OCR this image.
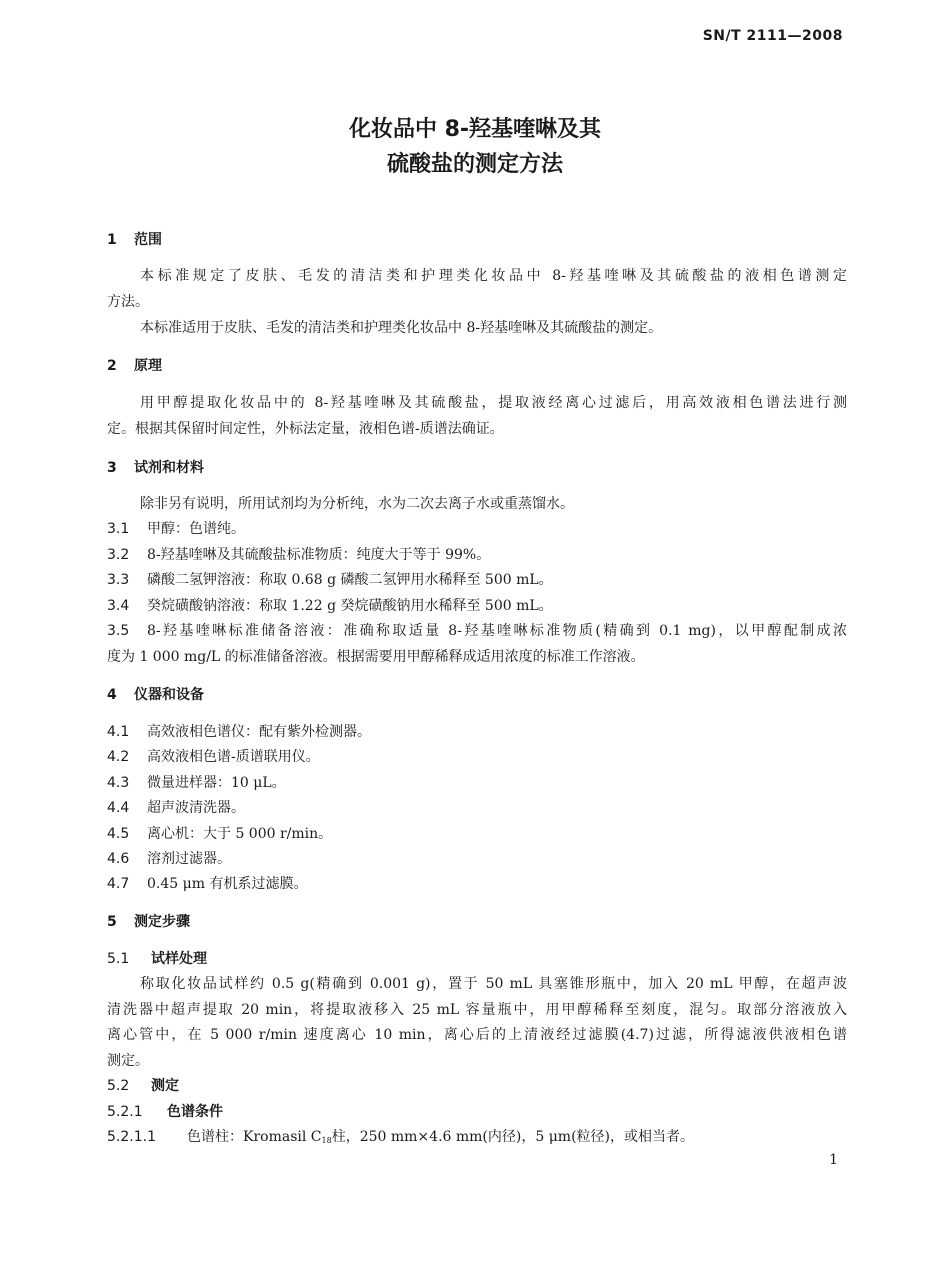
SN/T 2111—2008
化妆品中 8-羟基喹啉及其
硫酸盐的测定方法
1 范围
本标准规定了皮肤、毛发的清洁类和护理类化妆品中 8-羟基喹啉及其硫酸盐的液相色谱测定
方法。
本标准适用于皮肤、毛发的清洁类和护理类化妆品中 8-羟基喹啉及其硫酸盐的测定。
2 原理
用甲醇提取化妆品中的 8-羟基喹啉及其硫酸盐，提取液经离心过滤后，用高效液相色谱法进行测
定。根据其保留时间定性，外标法定量，液相色谱-质谱法确证。
3 试剂和材料
除非另有说明，所用试剂均为分析纯，水为二次去离子水或重蒸馏水。
3.1 甲醇：色谱纯。
3.2 8-羟基喹啉及其硫酸盐标准物质：纯度大于等于 99%。
3.3 磷酸二氢钾溶液：称取 0.68 g 磷酸二氢钾用水稀释至 500 mL。
3.4 癸烷磺酸钠溶液：称取 1.22 g 癸烷磺酸钠用水稀释至 500 mL。
3.5 8-羟基喹啉标准储备溶液：准确称取适量 8-羟基喹啉标准物质(精确到 0.1 mg)，以甲醇配制成浓
度为 1 000 mg/L 的标准储备溶液。根据需要用甲醇稀释成适用浓度的标准工作溶液。
4 仪器和设备
4.1 高效液相色谱仪：配有紫外检测器。
4.2 高效液相色谱-质谱联用仪。
4.3 微量进样器：10 μL。
4.4 超声波清洗器。
4.5 离心机：大于 5 000 r/min。
4.6 溶剂过滤器。
4.7 0.45 μm 有机系过滤膜。
5 测定步骤
5.1 试样处理
称取化妆品试样约 0.5 g(精确到 0.001 g)，置于 50 mL 具塞锥形瓶中，加入 20 mL 甲醇，在超声波
清洗器中超声提取 20 min，将提取液移入 25 mL 容量瓶中，用甲醇稀释至刻度，混匀。取部分溶液放入
离心管中，在 5 000 r/min 速度离心 10 min，离心后的上清液经过滤膜(4.7)过滤，所得滤液供液相色谱
测定。
5.2 测定
5.2.1 色谱条件
5.2.1.1 色谱柱：Kromasil $C_{18}$柱，250 mm×4.6 mm(内径)，5 μm(粒径)，或相当者。
1
